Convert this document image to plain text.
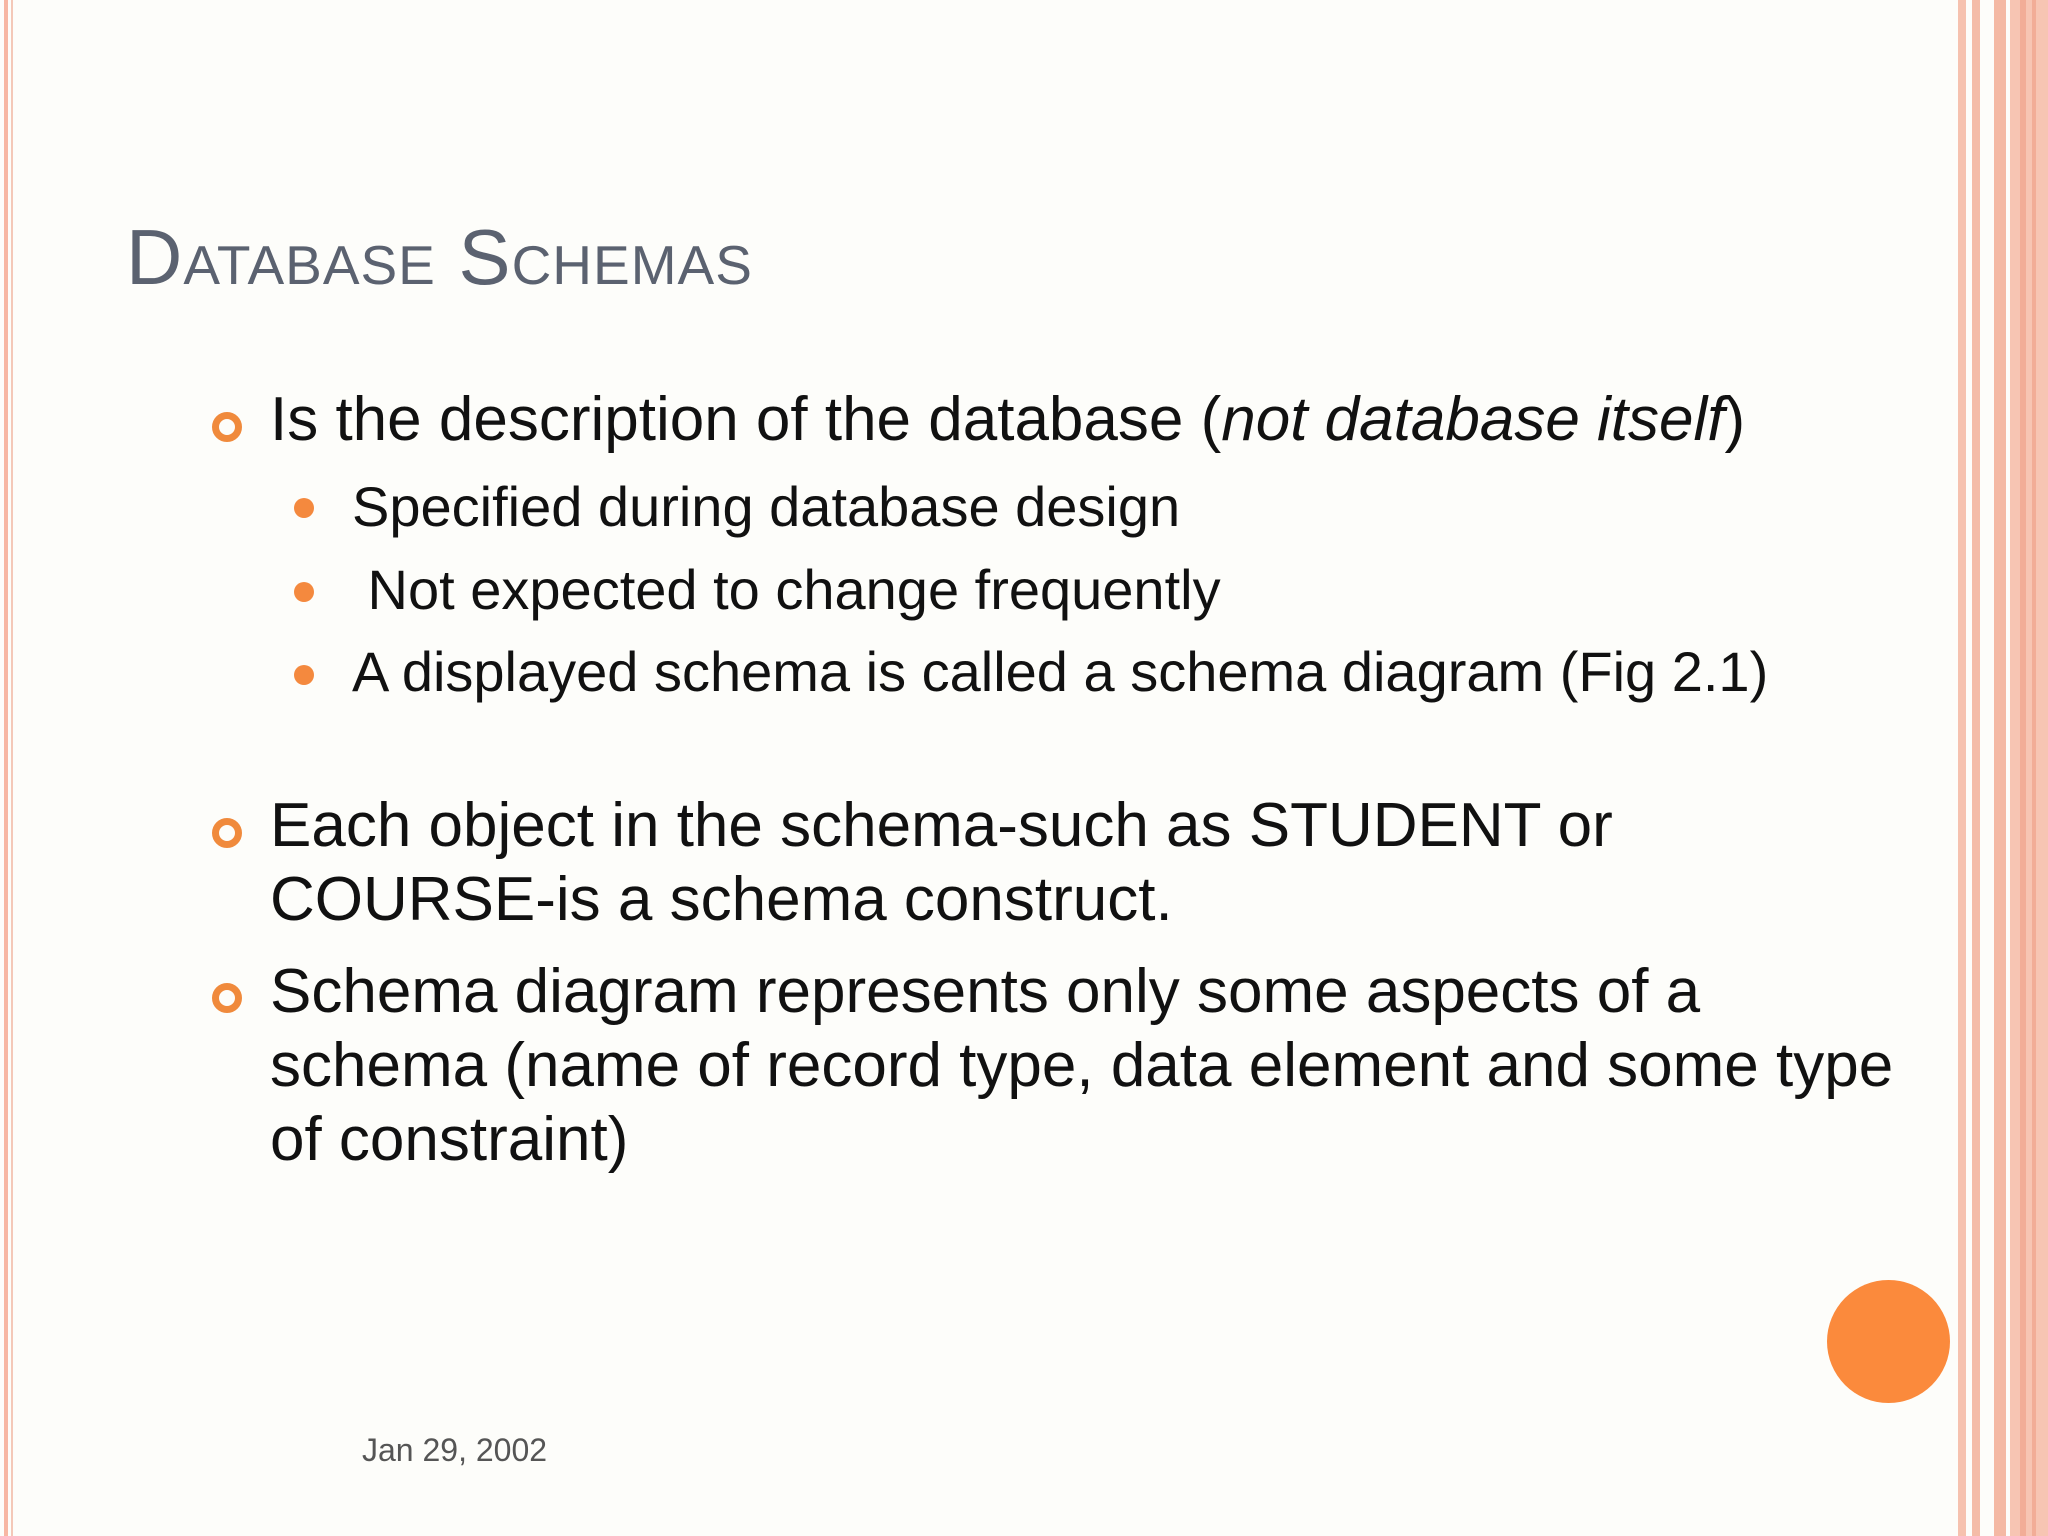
Database Schemas
Is the description of the database (not database itself)
Specified during database design
Not expected to change frequently
A displayed schema is called a schema diagram (Fig 2.1)
Each object in the schema-such as STUDENT or COURSE-is a schema construct.
Schema diagram represents only some aspects of a schema (name of record type, data element and some type of constraint)
Jan 29, 2002
